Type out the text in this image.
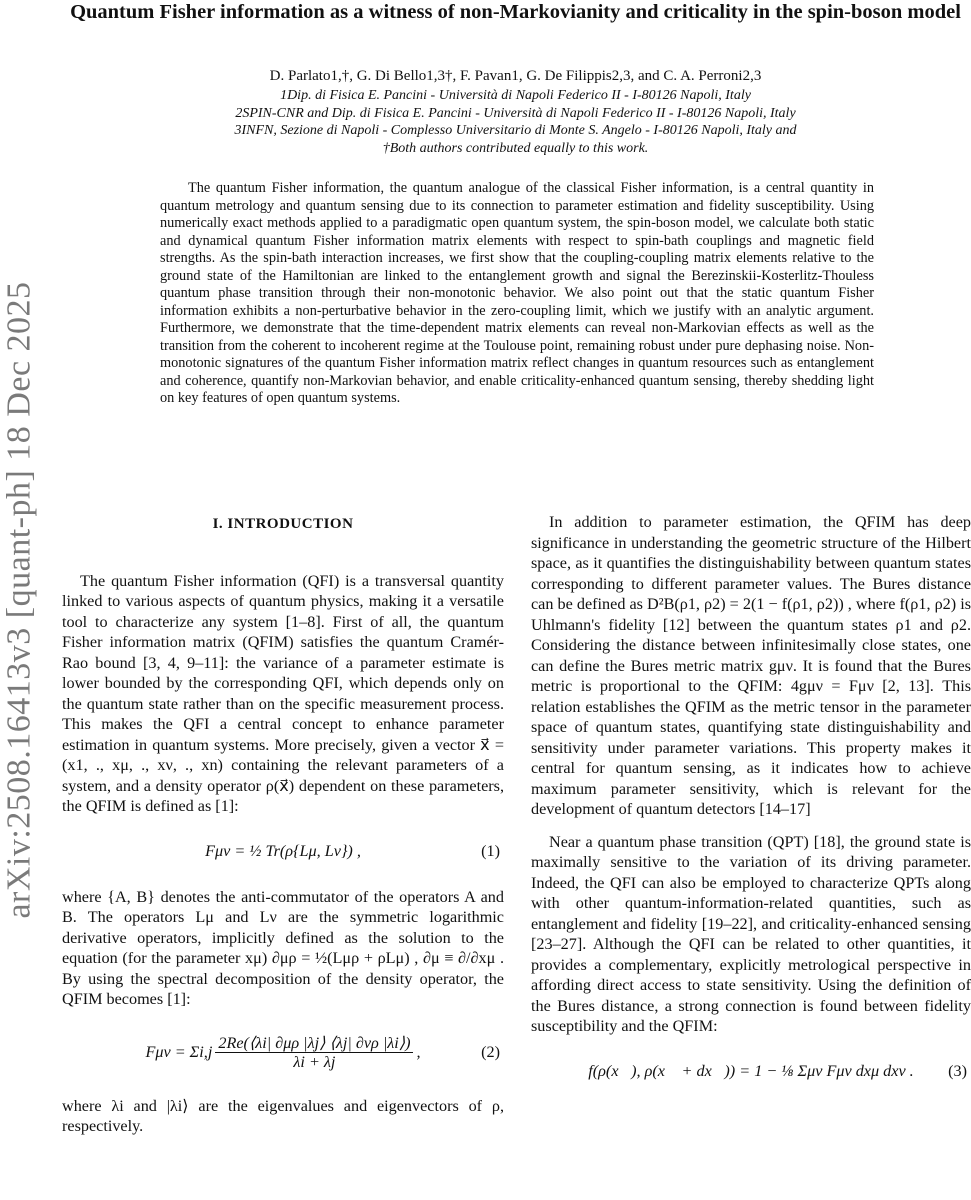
arXiv:2508.16413v3 [quant-ph] 18 Dec 2025
Quantum Fisher information as a witness of non-Markovianity and criticality in the spin-boson model
D. Parlato1,†, G. Di Bello1,3†, F. Pavan1, G. De Filippis2,3, and C. A. Perroni2,3
1Dip. di Fisica E. Pancini - Università di Napoli Federico II - I-80126 Napoli, Italy
2SPIN-CNR and Dip. di Fisica E. Pancini - Università di Napoli Federico II - I-80126 Napoli, Italy
3INFN, Sezione di Napoli - Complesso Universitario di Monte S. Angelo - I-80126 Napoli, Italy and
†Both authors contributed equally to this work.
The quantum Fisher information, the quantum analogue of the classical Fisher information, is a central quantity in quantum metrology and quantum sensing due to its connection to parameter estimation and fidelity susceptibility. Using numerically exact methods applied to a paradigmatic open quantum system, the spin-boson model, we calculate both static and dynamical quantum Fisher information matrix elements with respect to spin-bath couplings and magnetic field strengths. As the spin-bath interaction increases, we first show that the coupling-coupling matrix elements relative to the ground state of the Hamiltonian are linked to the entanglement growth and signal the Berezinskii-Kosterlitz-Thouless quantum phase transition through their non-monotonic behavior. We also point out that the static quantum Fisher information exhibits a non-perturbative behavior in the zero-coupling limit, which we justify with an analytic argument. Furthermore, we demonstrate that the time-dependent matrix elements can reveal non-Markovian effects as well as the transition from the coherent to incoherent regime at the Toulouse point, remaining robust under pure dephasing noise. Non-monotonic signatures of the quantum Fisher information matrix reflect changes in quantum resources such as entanglement and coherence, quantify non-Markovian behavior, and enable criticality-enhanced quantum sensing, thereby shedding light on key features of open quantum systems.
I. INTRODUCTION

The quantum Fisher information (QFI) is a transversal quantity linked to various aspects of quantum physics, making it a versatile tool to characterize any system [1–8]. First of all, the quantum Fisher information matrix (QFIM) satisfies the quantum Cramér-Rao bound [3, 4, 9–11]: the variance of a parameter estimate is lower bounded by the corresponding QFI, which depends only on the quantum state rather than on the specific measurement process. This makes the QFI a central concept to enhance parameter estimation in quantum systems. More precisely, given a vector x⃗ = (x1, ., xμ, ., xν, ., xn) containing the relevant parameters of a system, and a density operator ρ(x⃗) dependent on these parameters, the QFIM is defined as [1]:

Fμν = ½ Tr(ρ{Lμ, Lν}) ,	(1)

where {A, B} denotes the anti-commutator of the operators A and B. The operators Lμ and Lν are the symmetric logarithmic derivative operators, implicitly defined as the solution to the equation (for the parameter xμ) ∂μρ = ½(Lμρ + ρLμ) , ∂μ ≡ ∂/∂xμ . By using the spectral decomposition of the density operator, the QFIM becomes [1]:

$F\mu\nu = \Sigma i,j \frac{2Re(⟨\lambda i| \partial\mu\rho |\lambda j⟩ ⟨\lambda j| \partial\nu\rho |\lambda i⟩)}{\lambda i + \lambda j}$ ,	(2)

where λi and |λi⟩ are the eigenvalues and eigenvectors of ρ, respectively.

In addition to parameter estimation, the QFIM has deep significance in understanding the geometric structure of the Hilbert space, as it quantifies the distinguishability between quantum states corresponding to different parameter values. The Bures distance can be defined as D²B(ρ1, ρ2) = 2(1 − f(ρ1, ρ2)) , where f(ρ1, ρ2) is Uhlmann's fidelity [12] between the quantum states ρ1 and ρ2. Considering the distance between infinitesimally close states, one can define the Bures metric matrix gμν. It is found that the Bures metric is proportional to the QFIM: 4gμν = Fμν [2, 13]. This relation establishes the QFIM as the metric tensor in the parameter space of quantum states, quantifying state distinguishability and sensitivity under parameter variations. This property makes it central for quantum sensing, as it indicates how to achieve maximum parameter sensitivity, which is relevant for the development of quantum detectors [14–17]

Near a quantum phase transition (QPT) [18], the ground state is maximally sensitive to the variation of its driving parameter. Indeed, the QFI can also be employed to characterize QPTs along with other quantum-information-related quantities, such as entanglement and fidelity [19–22], and criticality-enhanced sensing [23–27]. Although the QFI can be related to other quantities, it provides a complementary, explicitly metrological perspective in affording direct access to state sensitivity. Using the definition of the Bures distance, a strong connection is found between fidelity susceptibility and the QFIM:

f(ρ(x⃗), ρ(x⃗ + dx⃗)) = 1 − ⅛ Σμν Fμν dxμ dxν . (3)
